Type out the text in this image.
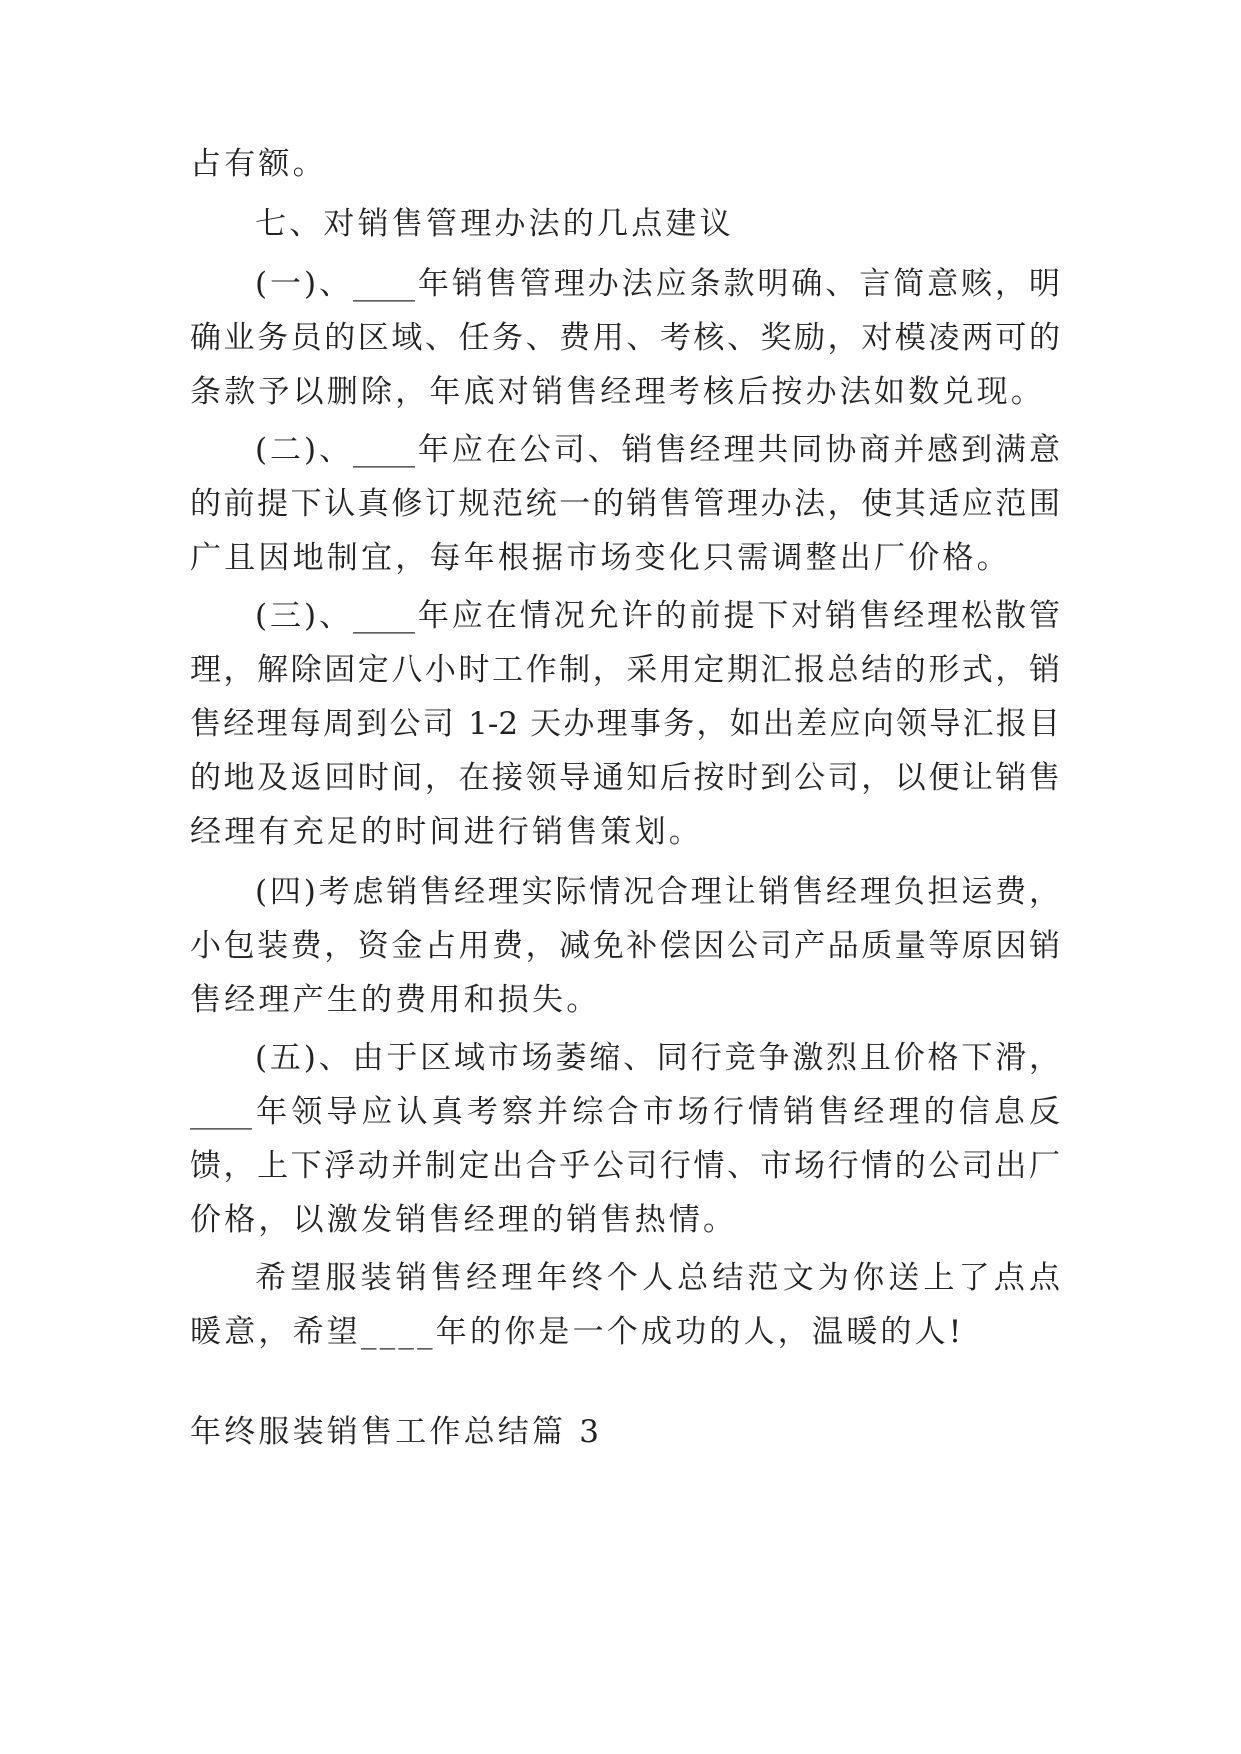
占有额。
七、对销售管理办法的几点建议
(一)、____年销售管理办法应条款明确、言简意赅，明
确业务员的区域、任务、费用、考核、奖励，对模凌两可的
条款予以删除，年底对销售经理考核后按办法如数兑现。
(二)、____年应在公司、销售经理共同协商并感到满意
的前提下认真修订规范统一的销售管理办法，使其适应范围
广且因地制宜，每年根据市场变化只需调整出厂价格。
(三)、____年应在情况允许的前提下对销售经理松散管
理，解除固定八小时工作制，采用定期汇报总结的形式，销
售经理每周到公司 1-2 天办理事务，如出差应向领导汇报目
的地及返回时间，在接领导通知后按时到公司，以便让销售
经理有充足的时间进行销售策划。
(四)考虑销售经理实际情况合理让销售经理负担运费，
小包装费，资金占用费，减免补偿因公司产品质量等原因销
售经理产生的费用和损失。
(五)、由于区域市场萎缩、同行竞争激烈且价格下滑，
____年领导应认真考察并综合市场行情销售经理的信息反
馈，上下浮动并制定出合乎公司行情、市场行情的公司出厂
价格，以激发销售经理的销售热情。
希望服装销售经理年终个人总结范文为你送上了点点
暖意，希望____年的你是一个成功的人，温暖的人!
年终服装销售工作总结篇 3
